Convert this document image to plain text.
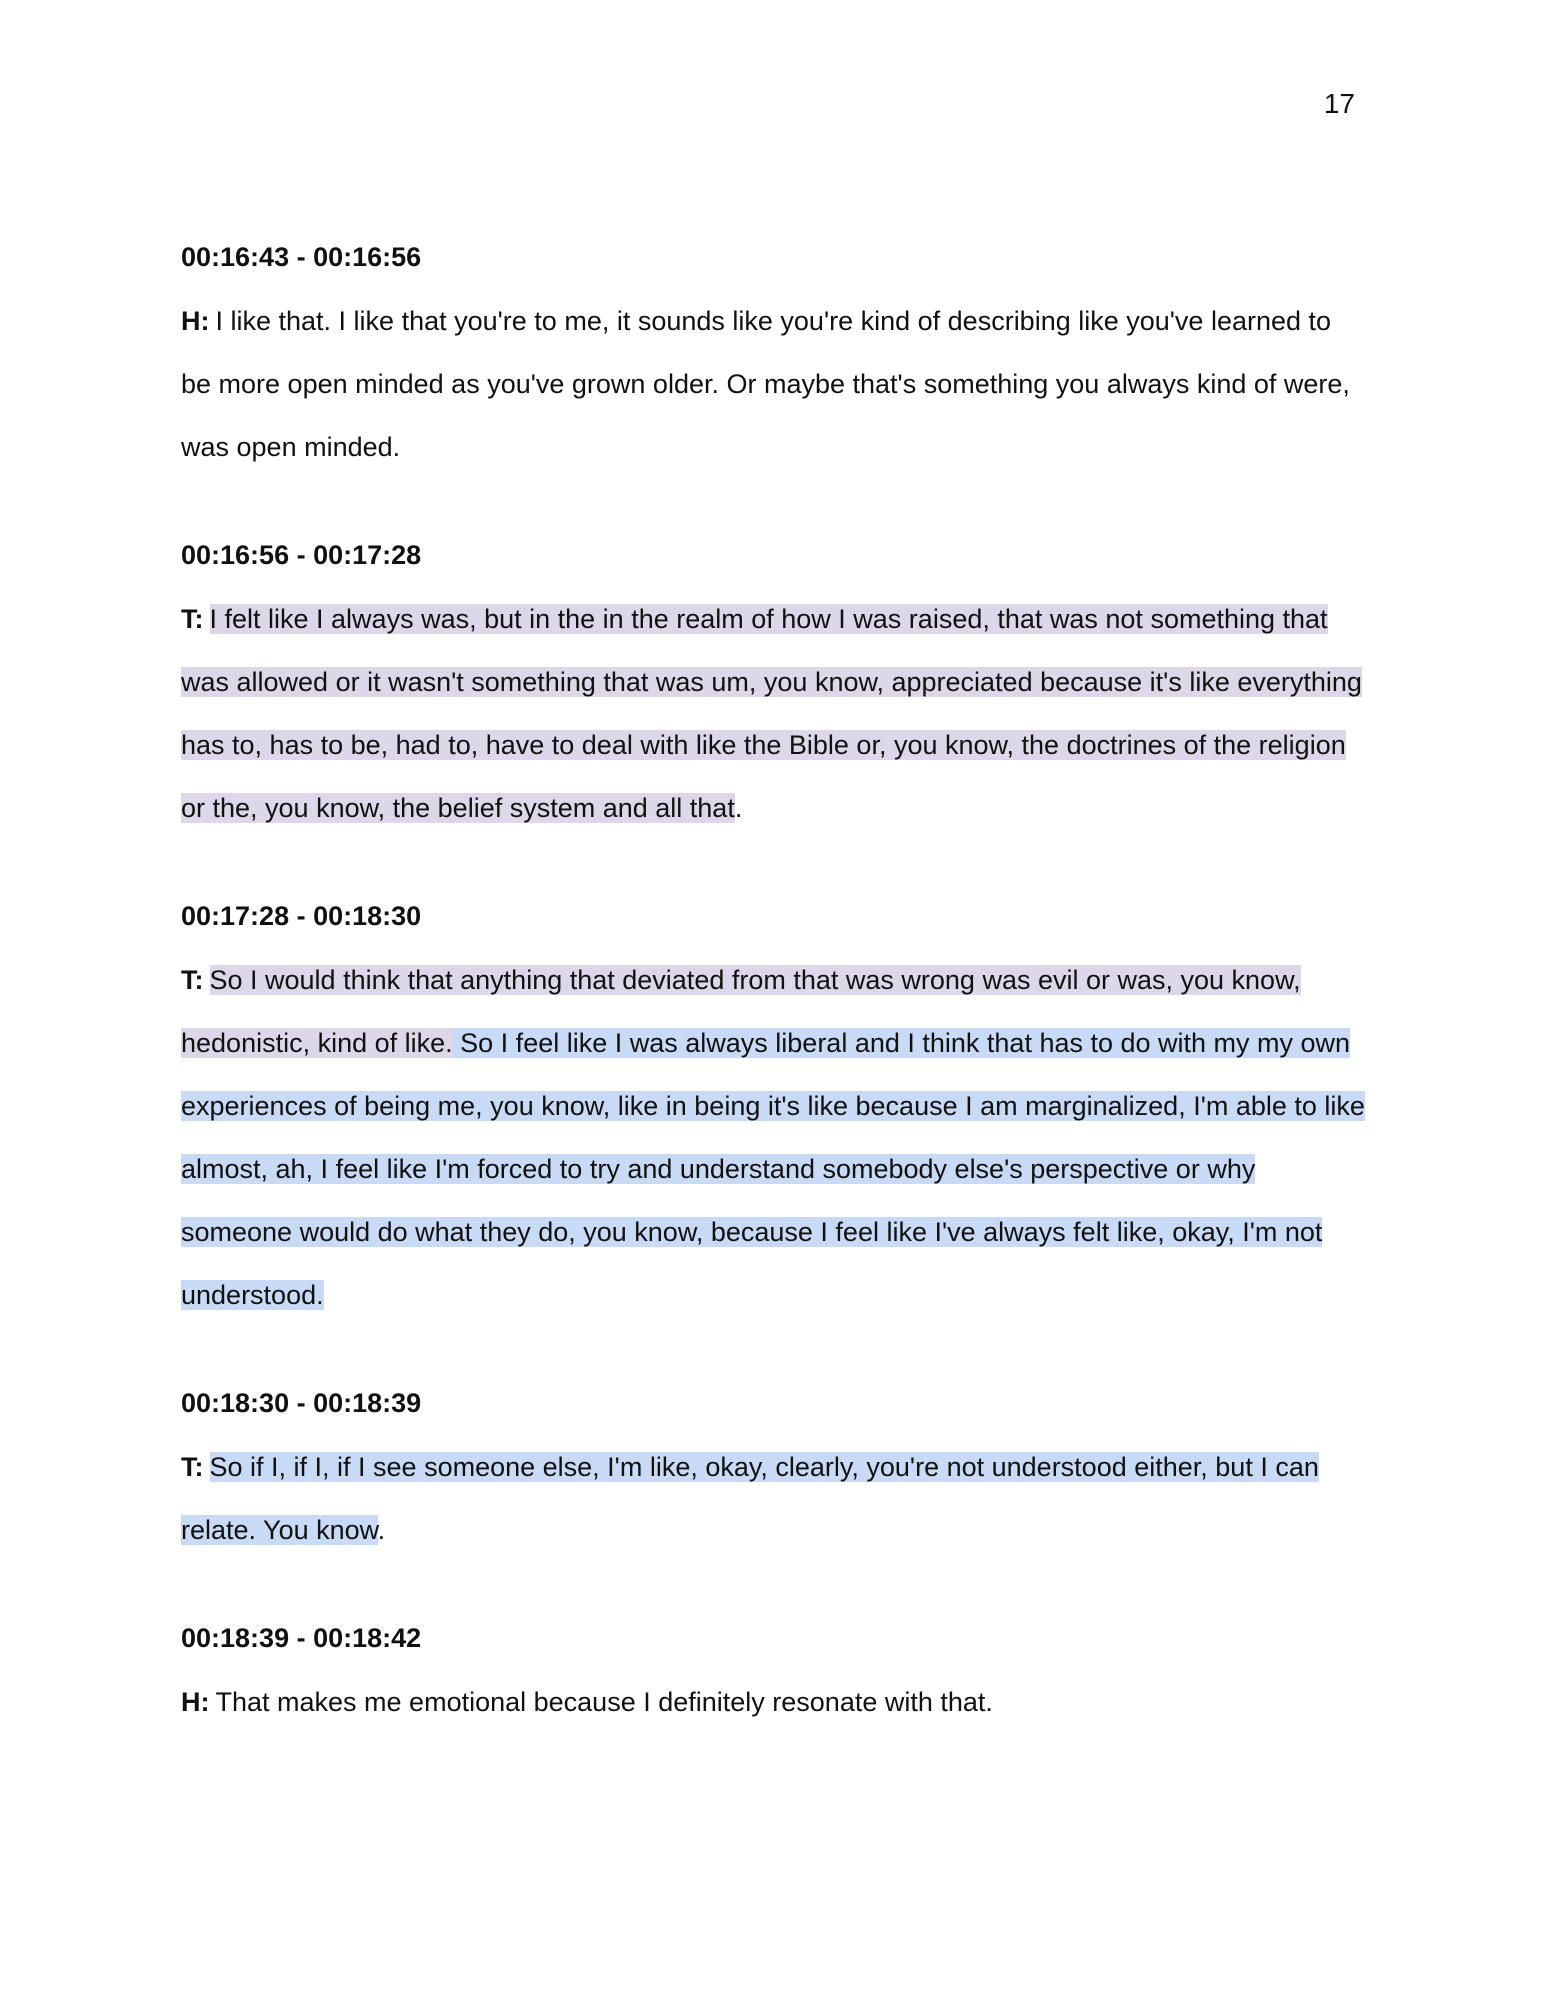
17
00:16:43 - 00:16:56

H: I like that. I like that you're to me, it sounds like you're kind of describing like you've learned to be more open minded as you've grown older. Or maybe that's something you always kind of were, was open minded.

00:16:56 - 00:17:28

T: I felt like I always was, but in the in the realm of how I was raised, that was not something that was allowed or it wasn't something that was um, you know, appreciated because it's like everything has to, has to be, had to, have to deal with like the Bible or, you know, the doctrines of the religion or the, you know, the belief system and all that.

00:17:28 - 00:18:30

T: So I would think that anything that deviated from that was wrong was evil or was, you know, hedonistic, kind of like. So I feel like I was always liberal and I think that has to do with my my own experiences of being me, you know, like in being it's like because I am marginalized, I'm able to like almost, ah, I feel like I'm forced to try and understand somebody else's perspective or why someone would do what they do, you know, because I feel like I've always felt like, okay, I'm not understood.

00:18:30 - 00:18:39

T: So if I, if I, if I see someone else, I'm like, okay, clearly, you're not understood either, but I can relate. You know.

00:18:39 - 00:18:42

H: That makes me emotional because I definitely resonate with that.
